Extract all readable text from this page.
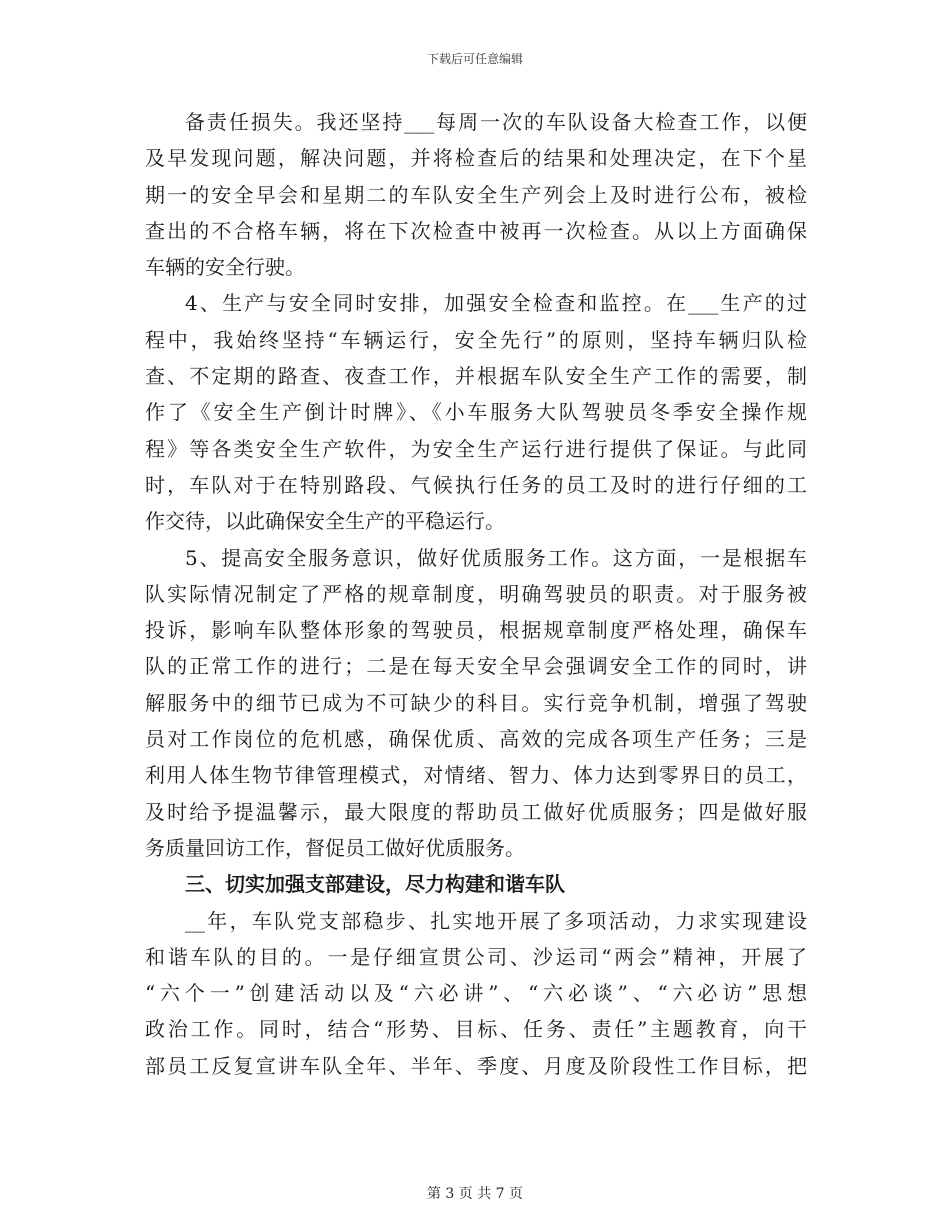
下载后可任意编辑
备责任损失。我还坚持___每周一次的车队设备大检查工作，以便
及早发现问题，解决问题，并将检查后的结果和处理决定，在下个星
期一的安全早会和星期二的车队安全生产列会上及时进行公布，被检
查出的不合格车辆，将在下次检查中被再一次检查。从以上方面确保
车辆的安全行驶。
4、生产与安全同时安排，加强安全检查和监控。在___生产的过
程中，我始终坚持“车辆运行，安全先行”的原则，坚持车辆归队检
查、不定期的路查、夜查工作，并根据车队安全生产工作的需要，制
作了《安全生产倒计时牌》、《小车服务大队驾驶员冬季安全操作规
程》等各类安全生产软件，为安全生产运行进行提供了保证。与此同
时，车队对于在特别路段、气候执行任务的员工及时的进行仔细的工
作交待，以此确保安全生产的平稳运行。
5、提高安全服务意识，做好优质服务工作。这方面，一是根据车
队实际情况制定了严格的规章制度，明确驾驶员的职责。对于服务被
投诉，影响车队整体形象的驾驶员，根据规章制度严格处理，确保车
队的正常工作的进行；二是在每天安全早会强调安全工作的同时，讲
解服务中的细节已成为不可缺少的科目。实行竞争机制，增强了驾驶
员对工作岗位的危机感，确保优质、高效的完成各项生产任务；三是
利用人体生物节律管理模式，对情绪、智力、体力达到零界日的员工，
及时给予提温馨示，最大限度的帮助员工做好优质服务；四是做好服
务质量回访工作，督促员工做好优质服务。
三、切实加强支部建设，尽力构建和谐车队
__年，车队党支部稳步、扎实地开展了多项活动，力求实现建设
和谐车队的目的。一是仔细宣贯公司、沙运司“两会”精神，开展了
“六个一”创建活动以及“六必讲”、“六必谈”、“六必访”思想
政治工作。同时，结合“形势、目标、任务、责任”主题教育，向干
部员工反复宣讲车队全年、半年、季度、月度及阶段性工作目标，把
第 3 页 共 7 页
